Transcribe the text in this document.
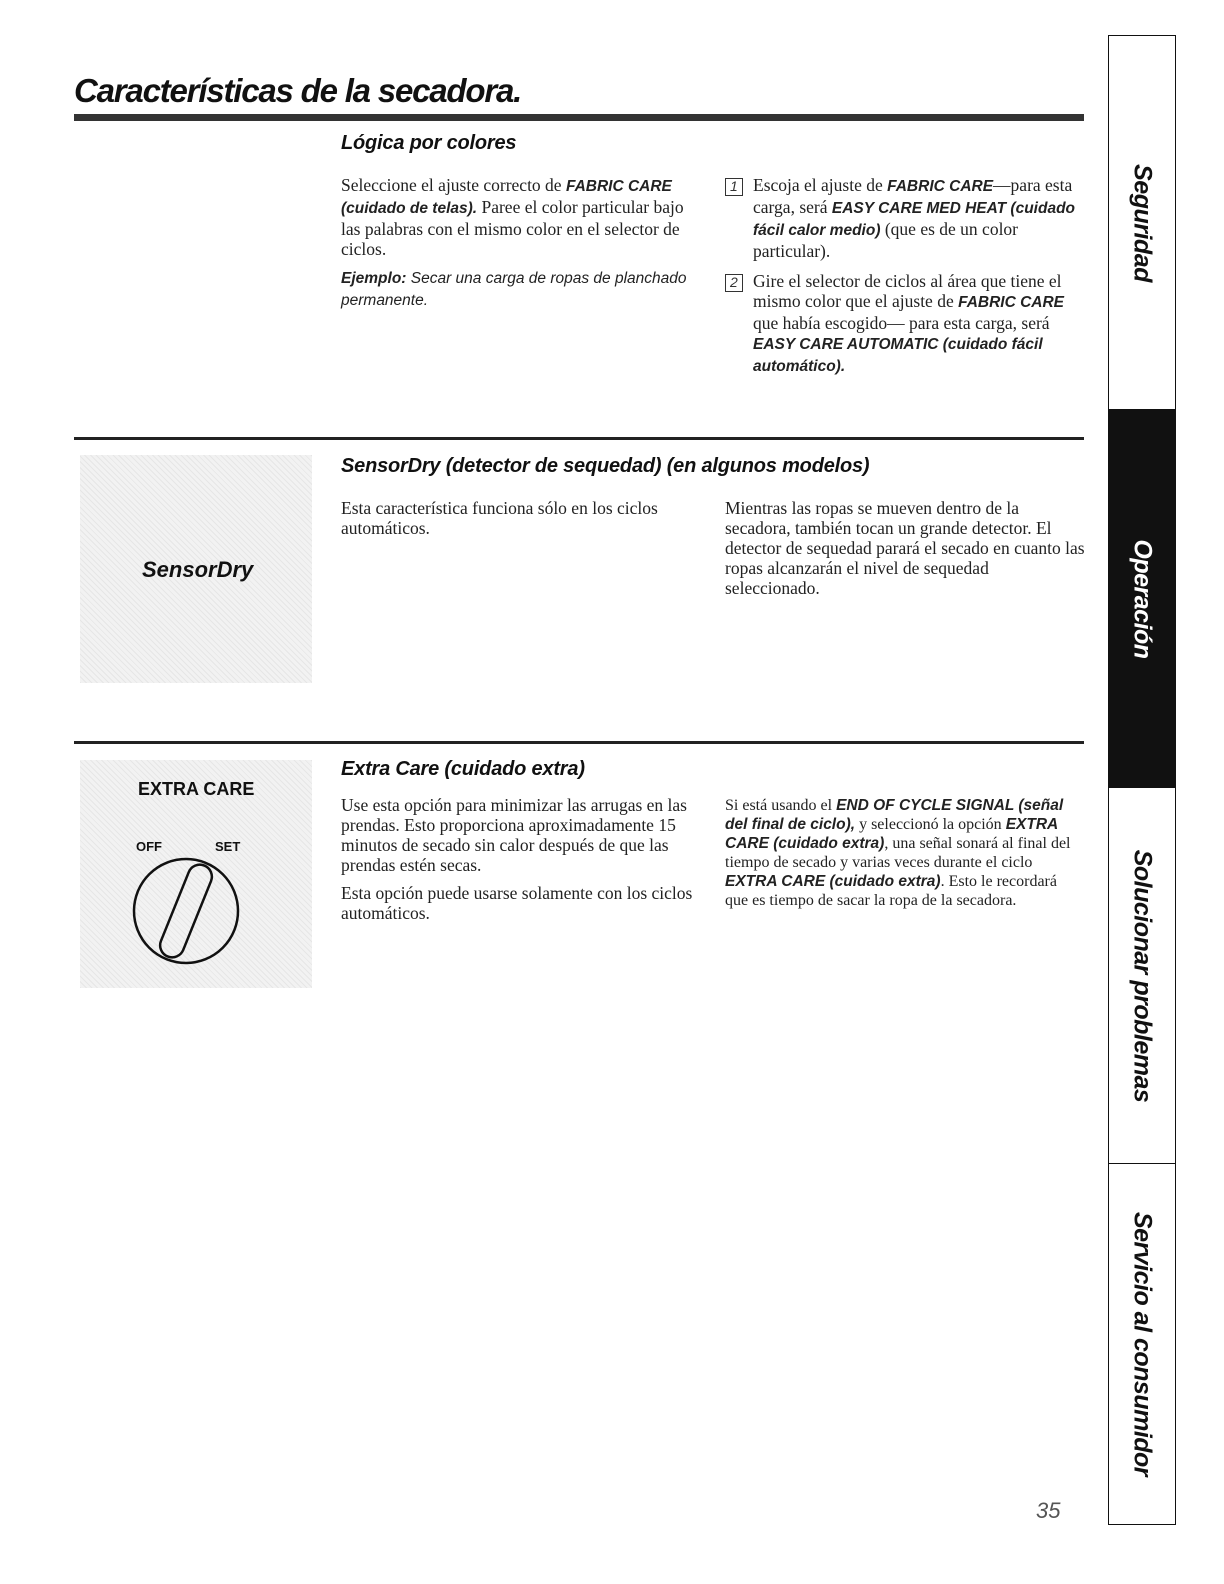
Características de la secadora.
Lógica por colores

Seleccione el ajuste correcto de FABRIC CARE (cuidado de telas). Paree el color particular bajo las palabras con el mismo color en el selector de ciclos.

Ejemplo: Secar una carga de ropas de planchado permanente.

1 Escoja el ajuste de FABRIC CARE—para esta carga, será EASY CARE MED HEAT (cuidado fácil calor medio) (que es de un color particular).
2 Gire el selector de ciclos al área que tiene el mismo color que el ajuste de FABRIC CARE que había escogido— para esta carga, será EASY CARE AUTOMATIC (cuidado fácil automático).
SensorDry (detector de sequedad) (en algunos modelos)
SensorDry

Esta característica funciona sólo en los ciclos automáticos.

Mientras las ropas se mueven dentro de la secadora, también tocan un grande detector. El detector de sequedad parará el secado en cuanto las ropas alcanzarán el nivel de sequedad seleccionado.

Extra Care (cuidado extra)
EXTRA CARE
OFF	SET

Use esta opción para minimizar las arrugas en las prendas. Esto proporciona aproximadamente 15 minutos de secado sin calor después de que las prendas estén secas.

Esta opción puede usarse solamente con los ciclos automáticos.

Si está usando el END OF CYCLE SIGNAL (señal del final de ciclo), y seleccionó la opción EXTRA CARE (cuidado extra), una señal sonará al final del tiempo de secado y varias veces durante el ciclo EXTRA CARE (cuidado extra). Esto le recordará que es tiempo de sacar la ropa de la secadora.

Seguridad
Operación
Solucionar problemas
Servicio al consumidor
35
